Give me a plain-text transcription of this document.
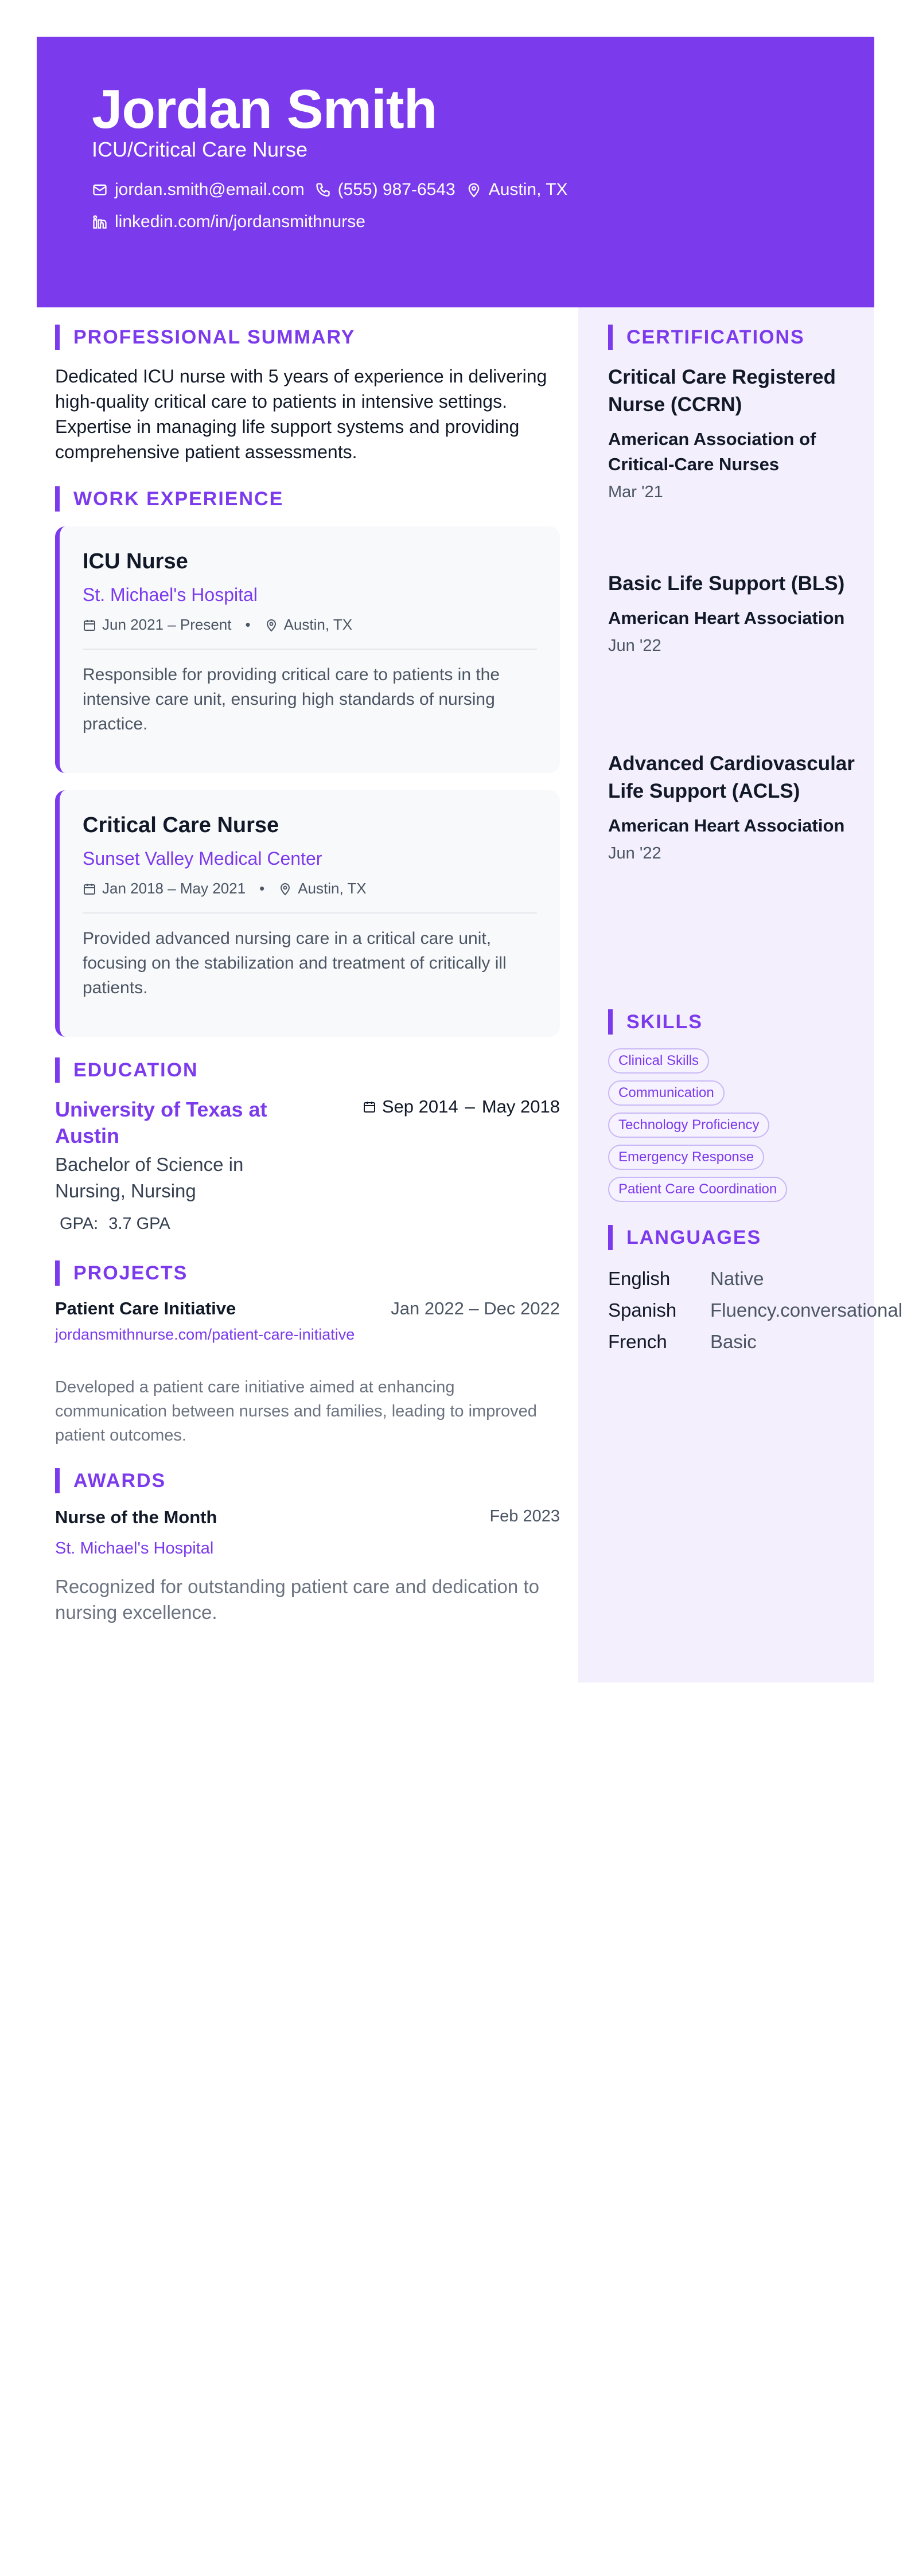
Jordan Smith
ICU/Critical Care Nurse
jordan.smith@email.com (555) 987-6543 Austin, TX
linkedin.com/in/jordansmithnurse
PROFESSIONAL SUMMARY
Dedicated ICU nurse with 5 years of experience in delivering high-quality critical care to patients in intensive settings. Expertise in managing life support systems and providing comprehensive patient assessments.
WORK EXPERIENCE
ICU Nurse
St. Michael's Hospital
Jun 2021 – Present • Austin, TX
Responsible for providing critical care to patients in the intensive care unit, ensuring high standards of nursing practice.
Critical Care Nurse
Sunset Valley Medical Center
Jan 2018 – May 2021 • Austin, TX
Provided advanced nursing care in a critical care unit, focusing on the stabilization and treatment of critically ill patients.
EDUCATION
University of Texas at Austin
Sep 2014 – May 2018
Bachelor of Science in Nursing, Nursing
GPA: 3.7 GPA
PROJECTS
Patient Care Initiative	Jan 2022 – Dec 2022
jordansmithnurse.com/patient-care-initiative
Developed a patient care initiative aimed at enhancing communication between nurses and families, leading to improved patient outcomes.
AWARDS
Nurse of the Month	Feb 2023
St. Michael's Hospital
Recognized for outstanding patient care and dedication to nursing excellence.
CERTIFICATIONS
Critical Care Registered Nurse (CCRN)
American Association of Critical-Care Nurses
Mar '21
Basic Life Support (BLS)
American Heart Association
Jun '22
Advanced Cardiovascular Life Support (ACLS)
American Heart Association
Jun '22
SKILLS
Clinical Skills
Communication
Technology Proficiency
Emergency Response
Patient Care Coordination
LANGUAGES
English	Native
Spanish	Fluency.conversational
French	Basic
